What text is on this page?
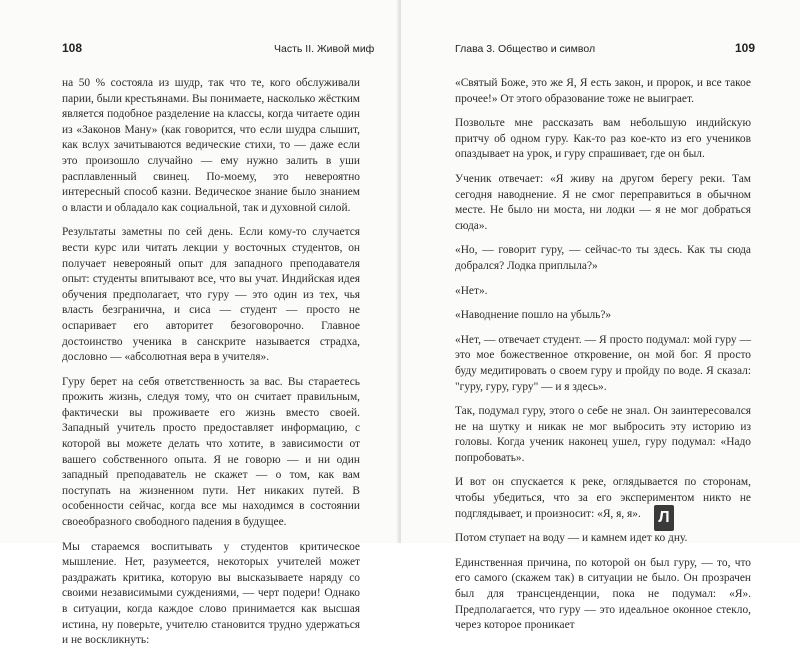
108	Часть II. Живой миф

на 50 % состояла из шудр, так что те, кого обслуживали парии, были крестьянами. Вы понимаете, насколько жёстким является подобное разделение на классы, когда читаете один из «Законов Ману» (как говорится, что если шудра слышит, как вслух зачитываются ведические стихи, то — даже если это произошло случайно — ему нужно залить в уши расплавленный свинец. По-моему, это невероятно интересный способ казни. Ведическое знание было знанием о власти и обладало как социальной, так и духовной силой.

Результаты заметны по сей день. Если кому-то случается вести курс или читать лекции у восточных студентов, он получает неверояный опыт для западного преподавателя опыт: студенты впитывают все, что вы учат. Индийская идея обучения предполагает, что гуру — это один из тех, чья власть безгранична, и сиса — студент — просто не оспаривает его авторитет безоговорочно. Главное достоинство ученика в санскрите называется страдха, дословно — «абсолютная вера в учителя».

Гуру берет на себя ответственность за вас. Вы стараетесь прожить жизнь, следуя тому, что он считает правильным, фактически вы проживаете его жизнь вместо своей. Западный учитель просто предоставляет информацию, с которой вы можете делать что хотите, в зависимости от вашего собственного опыта. Я не говорю — и ни один западный преподаватель не скажет — о том, как вам поступать на жизненном пути. Нет никаких путей. В особенности сейчас, когда все мы находимся в состоянии своеобразного свободного падения в будущее.

Мы стараемся воспитывать у студентов критическое мышление. Нет, разумеется, некоторых учителей может раздражать критика, которую вы высказываете наряду со своими независимыми суждениями, — черт подери! Однако в ситуации, когда каждое слово принимается как высшая истина, ну поверьте, учителю становится трудно удержаться и не воскликнуть:

Глава 3. Общество и символ	109

«Святый Боже, это же Я, Я есть закон, и пророк, и все такое прочее!» От этого образование тоже не выиграет.

Позвольте мне рассказать вам небольшую индийскую притчу об одном гуру. Как-то раз кое-кто из его учеников опаздывает на урок, и гуру спрашивает, где он был.

Ученик отвечает: «Я живу на другом берегу реки. Там сегодня наводнение. Я не смог переправиться в обычном месте. Не было ни моста, ни лодки — я не мог добраться сюда».

«Но, — говорит гуру, — сейчас-то ты здесь. Как ты сюда добрался? Лодка приплыла?»

«Нет».

«Наводнение пошло на убыль?»

«Нет, — отвечает студент. — Я просто подумал: мой гуру — это мое божественное откровение, он мой бог. Я просто буду медитировать о своем гуру и пройду по воде. Я сказал: "гуру, гуру, гуру" — и я здесь».

Так, подумал гуру, этого о себе не знал. Он заинтересовался не на шутку и никак не мог выбросить эту историю из головы. Когда ученик наконец ушел, гуру подумал: «Надо попробовать».

И вот он спускается к реке, оглядывается по сторонам, чтобы убедиться, что за его экспериментом никто не подглядывает, и произносит: «Я, я, я».

Потом ступает на воду — и камнем идет ко дну.

Единственная причина, по которой он был гуру, — то, что его самого (скажем так) в ситуации не было. Он прозрачен был для трансценденции, пока не подумал: «Я». Предполагается, что гуру — это идеальное оконное стекло, через которое проникает

Л
